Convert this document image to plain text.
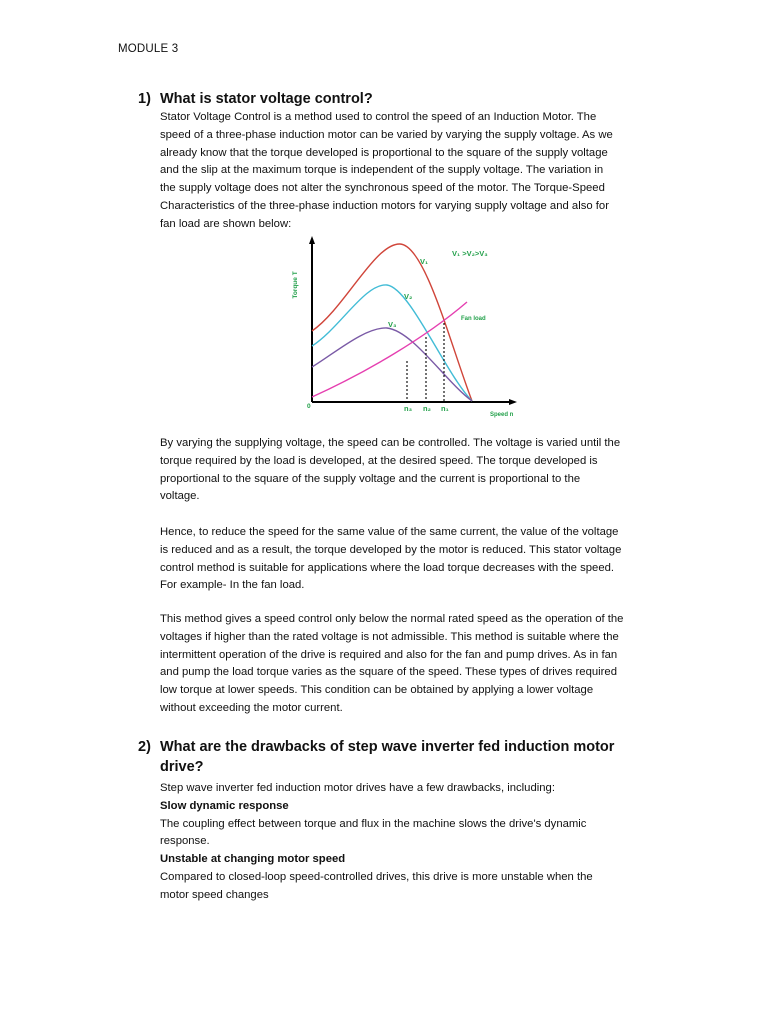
MODULE 3
1) What is stator voltage control?
Stator Voltage Control is a method used to control the speed of an Induction Motor. The
speed of a three-phase induction motor can be varied by varying the supply voltage. As we
already know that the torque developed is proportional to the square of the supply voltage
and the slip at the maximum torque is independent of the supply voltage. The variation in
the supply voltage does not alter the synchronous speed of the motor. The Torque-Speed
Characteristics of the three-phase induction motors for varying supply voltage and also for
fan load are shown below:
Torque T
0
Speed n
V₁ >V₂>V₃
V₁
V₂
V₃
Fan load
n₃ n₂ n₁
By varying the supplying voltage, the speed can be controlled. The voltage is varied until the
torque required by the load is developed, at the desired speed. The torque developed is
proportional to the square of the supply voltage and the current is proportional to the
voltage.
Hence, to reduce the speed for the same value of the same current, the value of the voltage
is reduced and as a result, the torque developed by the motor is reduced. This stator voltage
control method is suitable for applications where the load torque decreases with the speed.
For example- In the fan load.
This method gives a speed control only below the normal rated speed as the operation of the
voltages if higher than the rated voltage is not admissible. This method is suitable where the
intermittent operation of the drive is required and also for the fan and pump drives. As in fan
and pump the load torque varies as the square of the speed. These types of drives required
low torque at lower speeds. This condition can be obtained by applying a lower voltage
without exceeding the motor current.
2) What are the drawbacks of step wave inverter fed induction motor
drive?
Step wave inverter fed induction motor drives have a few drawbacks, including:
Slow dynamic response
The coupling effect between torque and flux in the machine slows the drive's dynamic
response.
Unstable at changing motor speed
Compared to closed-loop speed-controlled drives, this drive is more unstable when the
motor speed changes
